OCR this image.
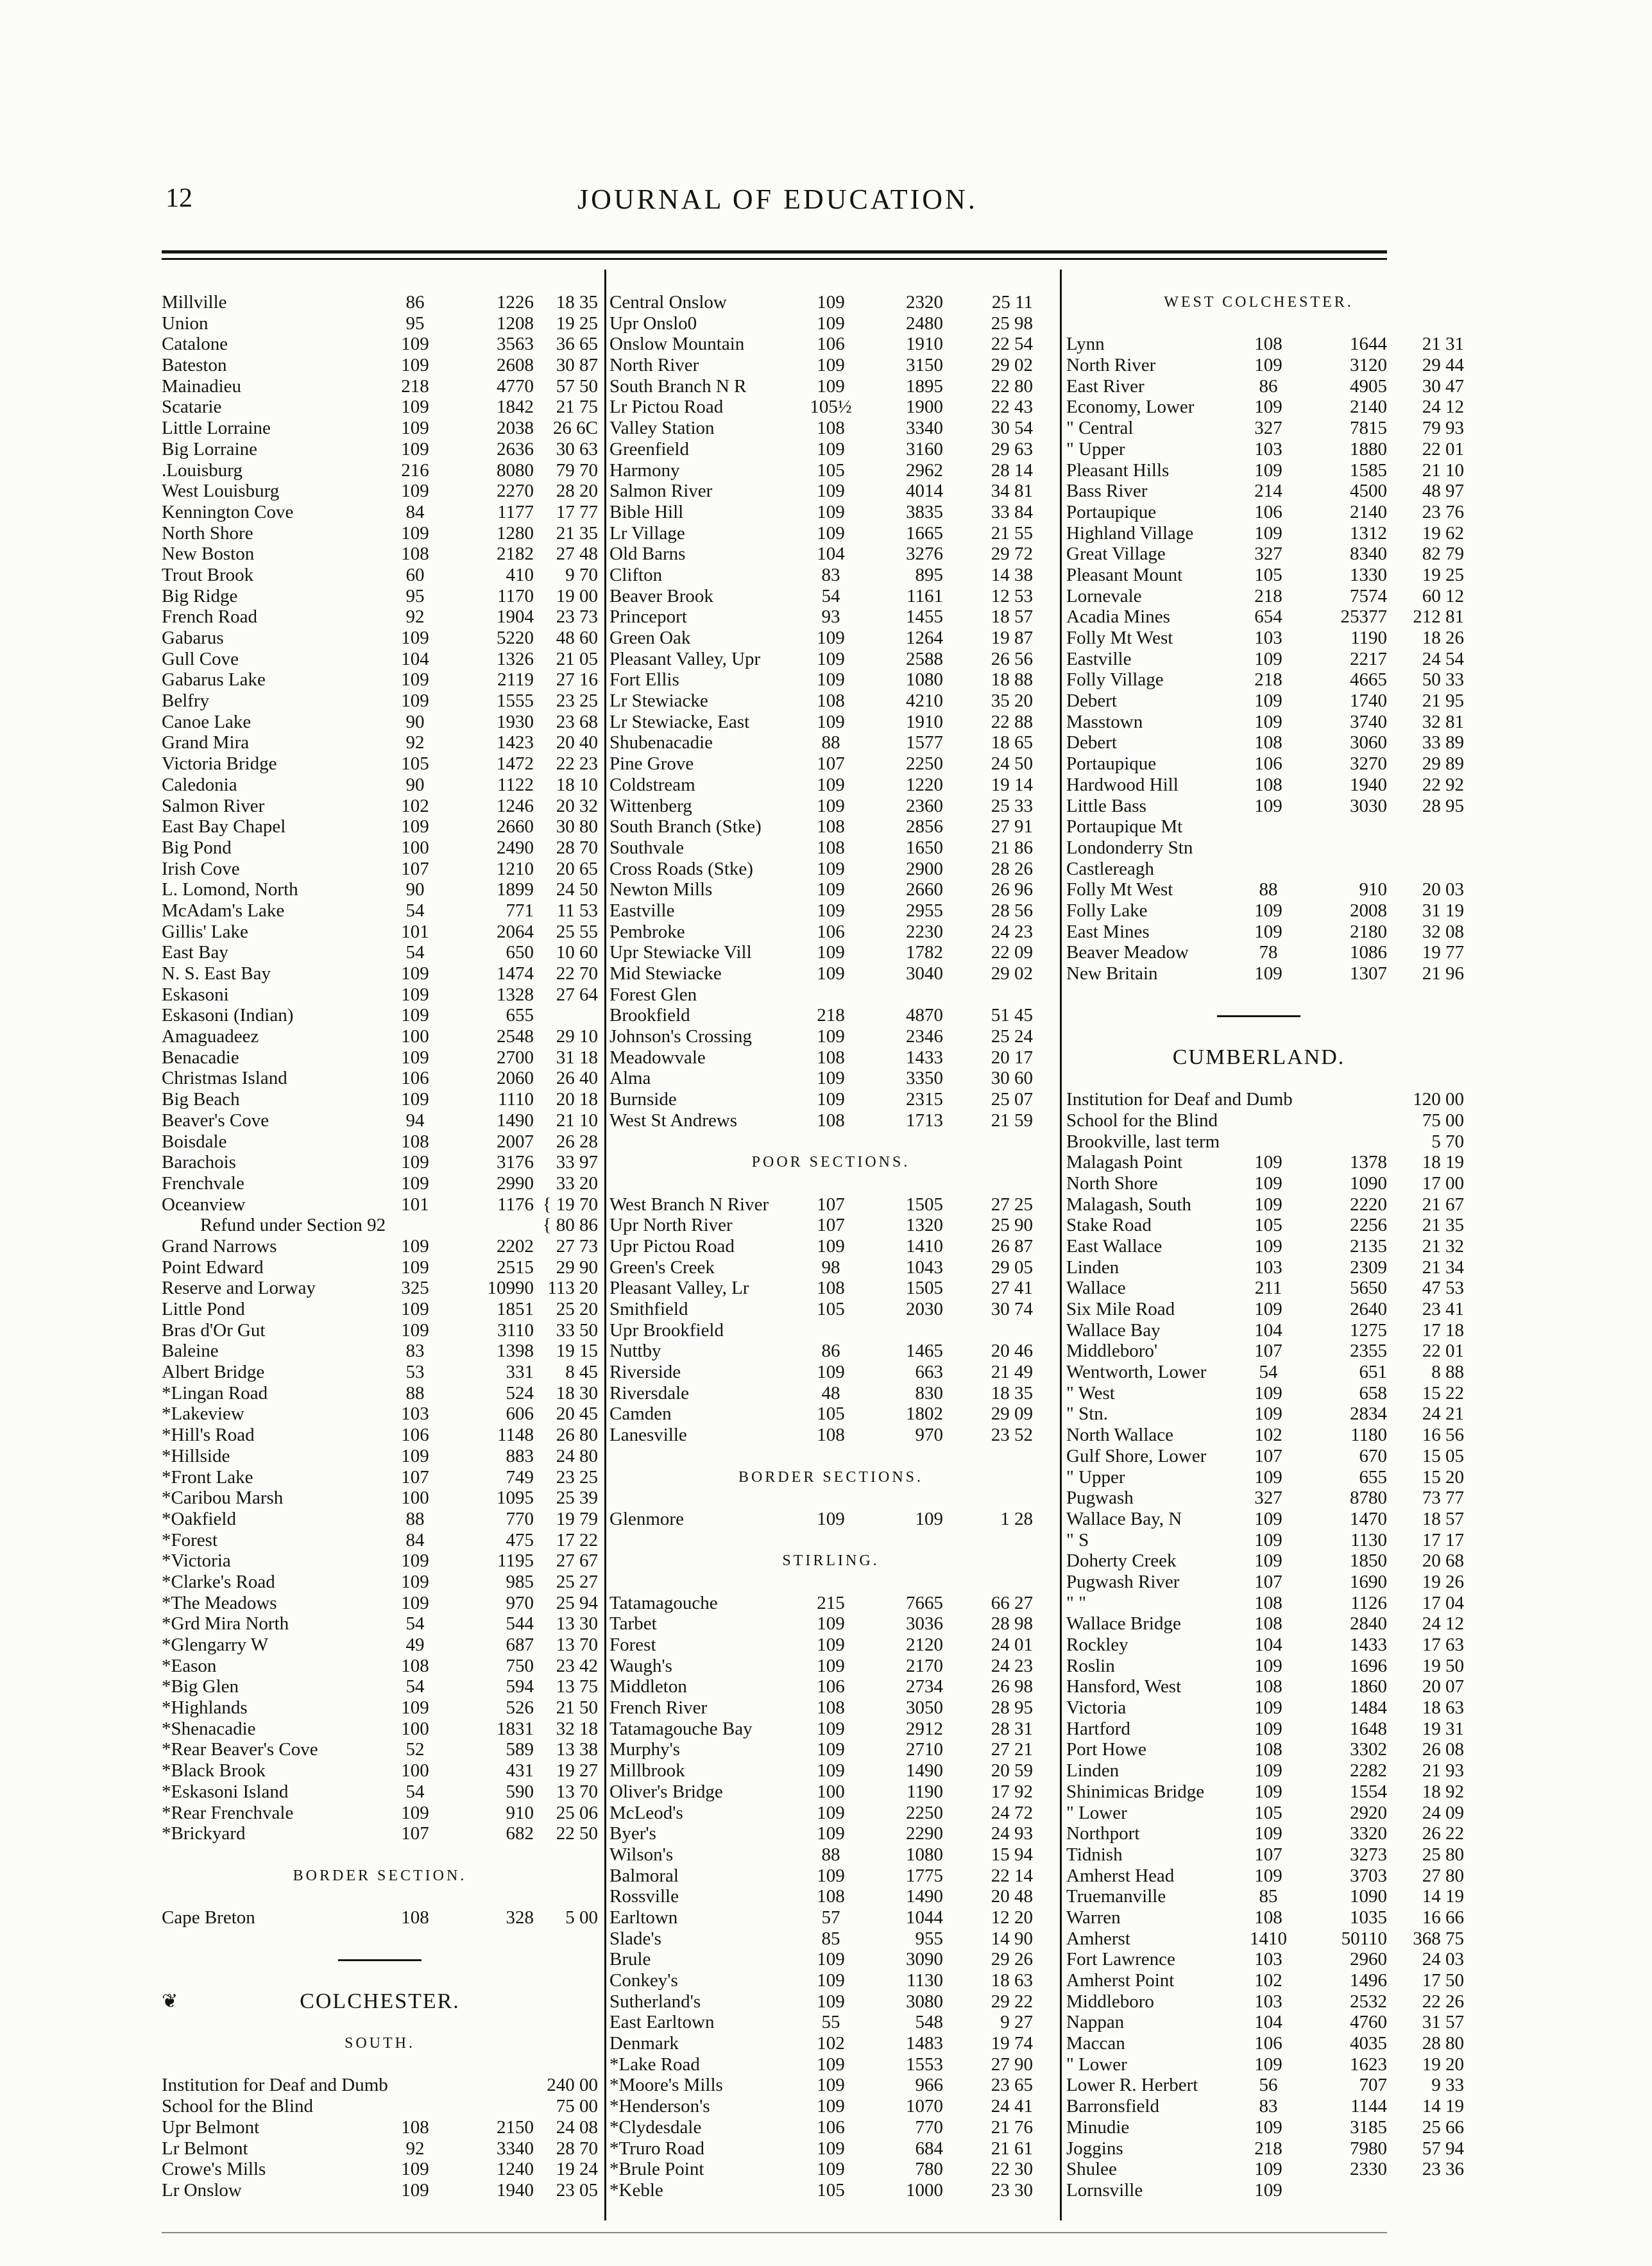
12	JOURNAL OF EDUCATION.
Millville	86	1226	18 35
Union	95	1208	19 25
Catalone	109	3563	36 65
Bateston	109	2608	30 87
Mainadieu	218	4770	57 50
Scatarie	109	1842	21 75
Little Lorraine	109	2038	26 6C
Big Lorraine	109	2636	30 63
.Louisburg	216	8080	79 70
West Louisburg	109	2270	28 20
Kennington Cove	84	1177	17 77
North Shore	109	1280	21 35
New Boston	108	2182	27 48
Trout Brook	60	410	9 70
Big Ridge	95	1170	19 00
French Road	92	1904	23 73
Gabarus	109	5220	48 60
Gull Cove	104	1326	21 05
Gabarus Lake	109	2119	27 16
Belfry	109	1555	23 25
Canoe Lake	90	1930	23 68
Grand Mira	92	1423	20 40
Victoria Bridge	105	1472	22 23
Caledonia	90	1122	18 10
Salmon River	102	1246	20 32
East Bay Chapel	109	2660	30 80
Big Pond	100	2490	28 70
Irish Cove	107	1210	20 65
L. Lomond, North	90	1899	24 50
McAdam's Lake	54	771	11 53
Gillis' Lake	101	2064	25 55
East Bay	54	650	10 60
N. S. East Bay	109	1474	22 70
Eskasoni	109	1328	27 64
Eskasoni (Indian)	109	655
Amaguadeez	100	2548	29 10
Benacadie	109	2700	31 18
Christmas Island	106	2060	26 40
Big Beach	109	1110	20 18
Beaver's Cove	94	1490	21 10
Boisdale	108	2007	26 28
Barachois	109	3176	33 97
Frenchvale	109	2990	33 20
Oceanview	101	1176 { 19 70
Refund under Section 92	{ 80 86
Grand Narrows	109	2202	27 73
Point Edward	109	2515	29 90
Reserve and Lorway	325	10990 113 20
Little Pond	109	1851	25 20
Bras d'Or Gut	109	3110	33 50
Baleine	83	1398	19 15
Albert Bridge	53	331	8 45
*Lingan Road	88	524	18 30
*Lakeview	103	606	20 45
*Hill's Road	106	1148	26 80
*Hillside	109	883	24 80
*Front Lake	107	749	23 25
*Caribou Marsh	100	1095	25 39
*Oakfield	88	770	19 79
*Forest	84	475	17 22
*Victoria	109	1195	27 67
*Clarke's Road	109	985	25 27
*The Meadows	109	970	25 94
*Grd Mira North	54	544	13 30
*Glengarry W	49	687	13 70
*Eason	108	750	23 42
*Big Glen	54	594	13 75
*Highlands	109	526	21 50
*Shenacadie	100	1831	32 18
*Rear Beaver's Cove	52	589	13 38
*Black Brook	100	431	19 27
*Eskasoni Island	54	590	13 70
*Rear Frenchvale	109	910	25 06
*Brickyard	107	682	22 50
BORDER SECTION.
Cape Breton	108	328	5 00
❦	COLCHESTER.
SOUTH.
Institution for Deaf and Dumb	240 00
School for the Blind	75 00
Upr Belmont	108	2150	24 08
Lr Belmont	92	3340	28 70
Crowe's Mills	109	1240	19 24
Lr Onslow	109	1940	23 05
Central Onslow	109	2320	25 11
Upr Onslo0	109	2480	25 98
Onslow Mountain	106	1910	22 54
North River	109	3150	29 02
South Branch N R	109	1895	22 80
Lr Pictou Road	105½	1900	22 43
Valley Station	108	3340	30 54
Greenfield	109	3160	29 63
Harmony	105	2962	28 14
Salmon River	109	4014	34 81
Bible Hill	109	3835	33 84
Lr Village	109	1665	21 55
Old Barns	104	3276	29 72
Clifton	83	895	14 38
Beaver Brook	54	1161	12 53
Princeport	93	1455	18 57
Green Oak	109	1264	19 87
Pleasant Valley, Upr	109	2588	26 56
Fort Ellis	109	1080	18 88
Lr Stewiacke	108	4210	35 20
Lr Stewiacke, East	109	1910	22 88
Shubenacadie	88	1577	18 65
Pine Grove	107	2250	24 50
Coldstream	109	1220	19 14
Wittenberg	109	2360	25 33
South Branch (Stke)	108	2856	27 91
Southvale	108	1650	21 86
Cross Roads (Stke)	109	2900	28 26
Newton Mills	109	2660	26 96
Eastville	109	2955	28 56
Pembroke	106	2230	24 23
Upr Stewiacke Vill	109	1782	22 09
Mid Stewiacke	109	3040	29 02
Forest Glen
Brookfield	218	4870	51 45
Johnson's Crossing	109	2346	25 24
Meadowvale	108	1433	20 17
Alma	109	3350	30 60
Burnside	109	2315	25 07
West St Andrews	108	1713	21 59
POOR SECTIONS.
West Branch N River	107	1505	27 25
Upr North River	107	1320	25 90
Upr Pictou Road	109	1410	26 87
Green's Creek	98	1043	29 05
Pleasant Valley, Lr	108	1505	27 41
Smithfield	105	2030	30 74
Upr Brookfield
Nuttby	86	1465	20 46
Riverside	109	663	21 49
Riversdale	48	830	18 35
Camden	105	1802	29 09
Lanesville	108	970	23 52
BORDER SECTIONS.
Glenmore	109	109	1 28
STIRLING.
Tatamagouche	215	7665	66 27
Tarbet	109	3036	28 98
Forest	109	2120	24 01
Waugh's	109	2170	24 23
Middleton	106	2734	26 98
French River	108	3050	28 95
Tatamagouche Bay	109	2912	28 31
Murphy's	109	2710	27 21
Millbrook	109	1490	20 59
Oliver's Bridge	100	1190	17 92
McLeod's	109	2250	24 72
Byer's	109	2290	24 93
Wilson's	88	1080	15 94
Balmoral	109	1775	22 14
Rossville	108	1490	20 48
Earltown	57	1044	12 20
Slade's	85	955	14 90
Brule	109	3090	29 26
Conkey's	109	1130	18 63
Sutherland's	109	3080	29 22
East Earltown	55	548	9 27
Denmark	102	1483	19 74
*Lake Road	109	1553	27 90
*Moore's Mills	109	966	23 65
*Henderson's	109	1070	24 41
*Clydesdale	106	770	21 76
*Truro Road	109	684	21 61
*Brule Point	109	780	22 30
*Keble	105	1000	23 30
WEST COLCHESTER.
Lynn	108	1644	21 31
North River	109	3120	29 44
East River	86	4905	30 47
Economy, Lower	109	2140	24 12
" Central	327	7815	79 93
" Upper	103	1880	22 01
Pleasant Hills	109	1585	21 10
Bass River	214	4500	48 97
Portaupique	106	2140	23 76
Highland Village	109	1312	19 62
Great Village	327	8340	82 79
Pleasant Mount	105	1330	19 25
Lornevale	218	7574	60 12
Acadia Mines	654	25377	212 81
Folly Mt West	103	1190	18 26
Eastville	109	2217	24 54
Folly Village	218	4665	50 33
Debert	109	1740	21 95
Masstown	109	3740	32 81
Debert	108	3060	33 89
Portaupique	106	3270	29 89
Hardwood Hill	108	1940	22 92
Little Bass	109	3030	28 95
Portaupique Mt
Londonderry Stn
Castlereagh
Folly Mt West	88	910	20 03
Folly Lake	109	2008	31 19
East Mines	109	2180	32 08
Beaver Meadow	78	1086	19 77
New Britain	109	1307	21 96
CUMBERLAND.
Institution for Deaf and Dumb	120 00
School for the Blind	75 00
Brookville, last term	5 70
Malagash Point	109	1378	18 19
North Shore	109	1090	17 00
Malagash, South	109	2220	21 67
Stake Road	105	2256	21 35
East Wallace	109	2135	21 32
Linden	103	2309	21 34
Wallace	211	5650	47 53
Six Mile Road	109	2640	23 41
Wallace Bay	104	1275	17 18
Middleboro'	107	2355	22 01
Wentworth, Lower	54	651	8 88
" West	109	658	15 22
" Stn.	109	2834	24 21
North Wallace	102	1180	16 56
Gulf Shore, Lower	107	670	15 05
" Upper	109	655	15 20
Pugwash	327	8780	73 77
Wallace Bay, N	109	1470	18 57
" S	109	1130	17 17
Doherty Creek	109	1850	20 68
Pugwash River	107	1690	19 26
" "	108	1126	17 04
Wallace Bridge	108	2840	24 12
Rockley	104	1433	17 63
Roslin	109	1696	19 50
Hansford, West	108	1860	20 07
Victoria	109	1484	18 63
Hartford	109	1648	19 31
Port Howe	108	3302	26 08
Linden	109	2282	21 93
Shinimicas Bridge	109	1554	18 92
" Lower	105	2920	24 09
Northport	109	3320	26 22
Tidnish	107	3273	25 80
Amherst Head	109	3703	27 80
Truemanville	85	1090	14 19
Warren	108	1035	16 66
Amherst	1410	50110	368 75
Fort Lawrence	103	2960	24 03
Amherst Point	102	1496	17 50
Middleboro	103	2532	22 26
Nappan	104	4760	31 57
Maccan	106	4035	28 80
" Lower	109	1623	19 20
Lower R. Herbert	56	707	9 33
Barronsfield	83	1144	14 19
Minudie	109	3185	25 66
Joggins	218	7980	57 94
Shulee	109	2330	23 36
Lornsville	109
